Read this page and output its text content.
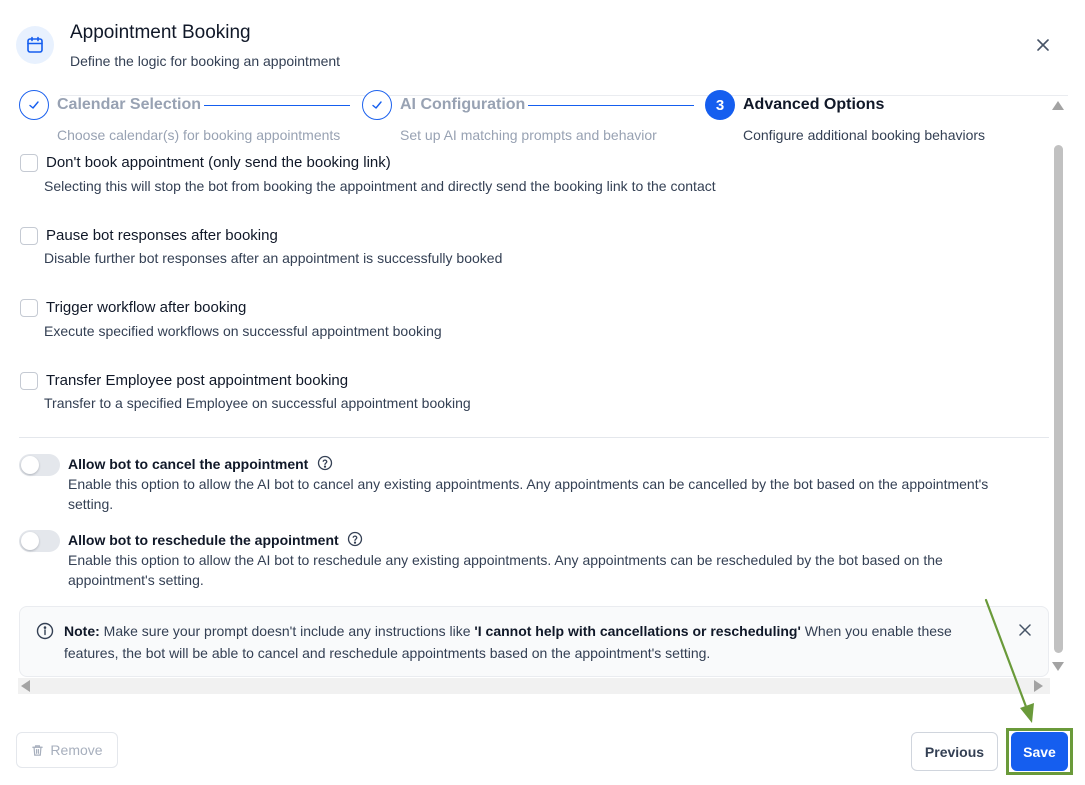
Appointment Booking
Define the logic for booking an appointment
Calendar Selection
Choose calendar(s) for booking appointments
AI Configuration
Set up AI matching prompts and behavior
3	Advanced Options
Configure additional booking behaviors
Don't book appointment (only send the booking link)
Selecting this will stop the bot from booking the appointment and directly send the booking link to the contact
Pause bot responses after booking
Disable further bot responses after an appointment is successfully booked
Trigger workflow after booking
Execute specified workflows on successful appointment booking
Transfer Employee post appointment booking
Transfer to a specified Employee on successful appointment booking
Allow bot to cancel the appointment
Enable this option to allow the AI bot to cancel any existing appointments. Any appointments can be cancelled by the bot based on the appointment's setting.
Allow bot to reschedule the appointment
Enable this option to allow the AI bot to reschedule any existing appointments. Any appointments can be rescheduled by the bot based on the appointment's setting.
Note: Make sure your prompt doesn't include any instructions like 'I cannot help with cancellations or rescheduling' When you enable these features, the bot will be able to cancel and reschedule appointments based on the appointment's setting.
Remove	Previous	Save
